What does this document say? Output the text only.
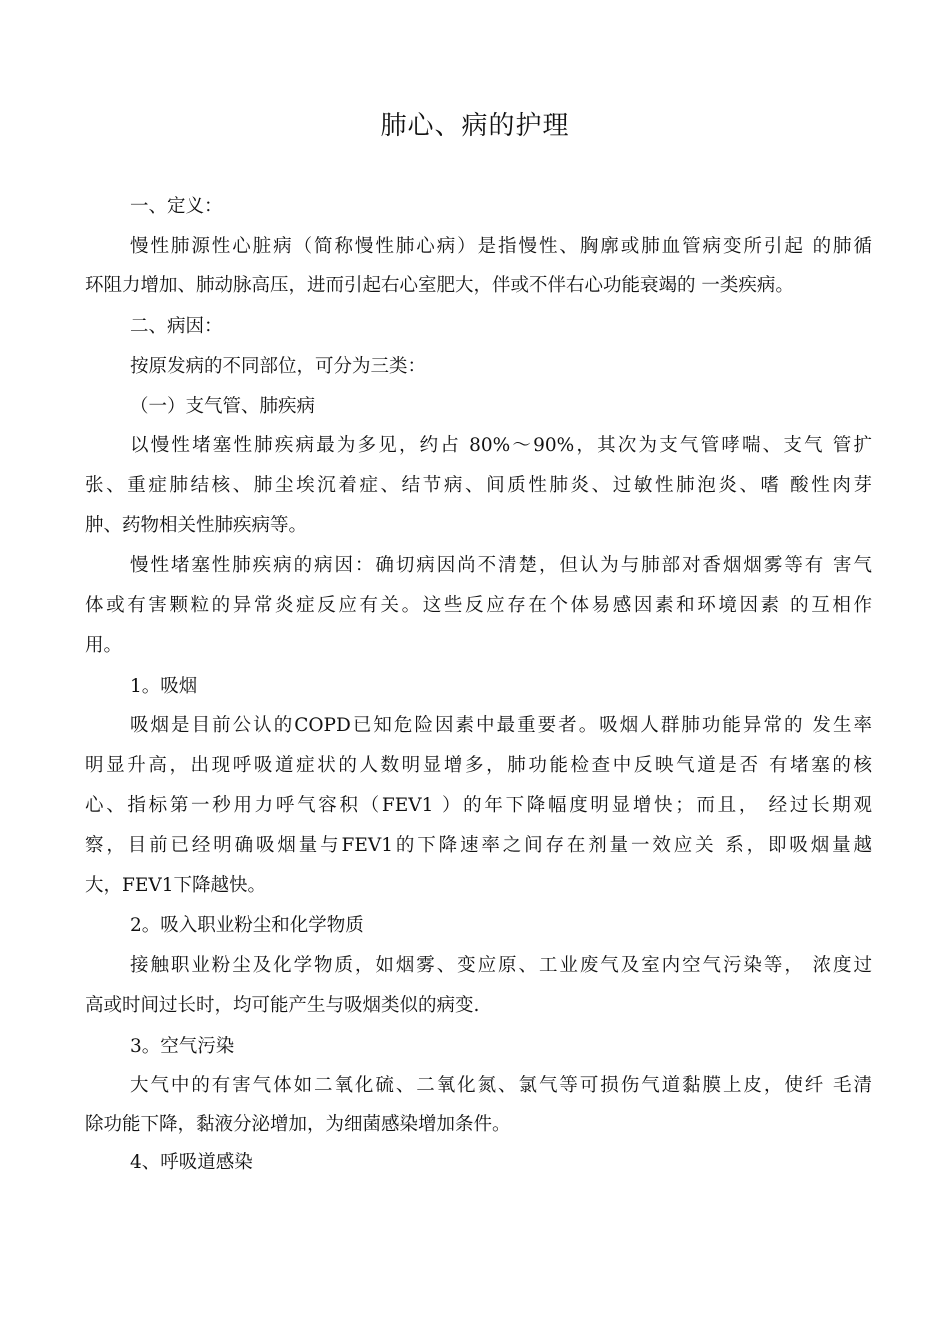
肺心、病的护理
一、定义：
慢性肺源性心脏病（简称慢性肺心病）是指慢性、胸廓或肺血管病变所引起 的肺循
环阻力增加、肺动脉高压，进而引起右心室肥大，伴或不伴右心功能衰竭的 一类疾病。
二、病因：
按原发病的不同部位，可分为三类：
（一）支气管、肺疾病
以慢性堵塞性肺疾病最为多见，约占 80%〜90%，其次为支气管哮喘、支气 管扩
张、重症肺结核、肺尘埃沉着症、结节病、间质性肺炎、过敏性肺泡炎、嗜 酸性肉芽
肿、药物相关性肺疾病等。
慢性堵塞性肺疾病的病因：确切病因尚不清楚，但认为与肺部对香烟烟雾等有 害气
体或有害颗粒的异常炎症反应有关。这些反应存在个体易感因素和环境因素 的互相作
用。
1。吸烟
吸烟是目前公认的COPD已知危险因素中最重要者。吸烟人群肺功能异常的 发生率
明显升高，出现呼吸道症状的人数明显增多，肺功能检查中反映气道是否 有堵塞的核
心、指标第一秒用力呼气容积（FEV1 ）的年下降幅度明显增快；而且， 经过长期观
察，目前已经明确吸烟量与FEV1的下降速率之间存在剂量一效应关 系，即吸烟量越
大，FEV1下降越快。
2。吸入职业粉尘和化学物质
接触职业粉尘及化学物质，如烟雾、变应原、工业废气及室内空气污染等， 浓度过
高或时间过长时，均可能产生与吸烟类似的病变.
3。空气污染
大气中的有害气体如二氧化硫、二氧化氮、氯气等可损伤气道黏膜上皮，使纤 毛清
除功能下降，黏液分泌增加，为细菌感染增加条件。
4、呼吸道感染
